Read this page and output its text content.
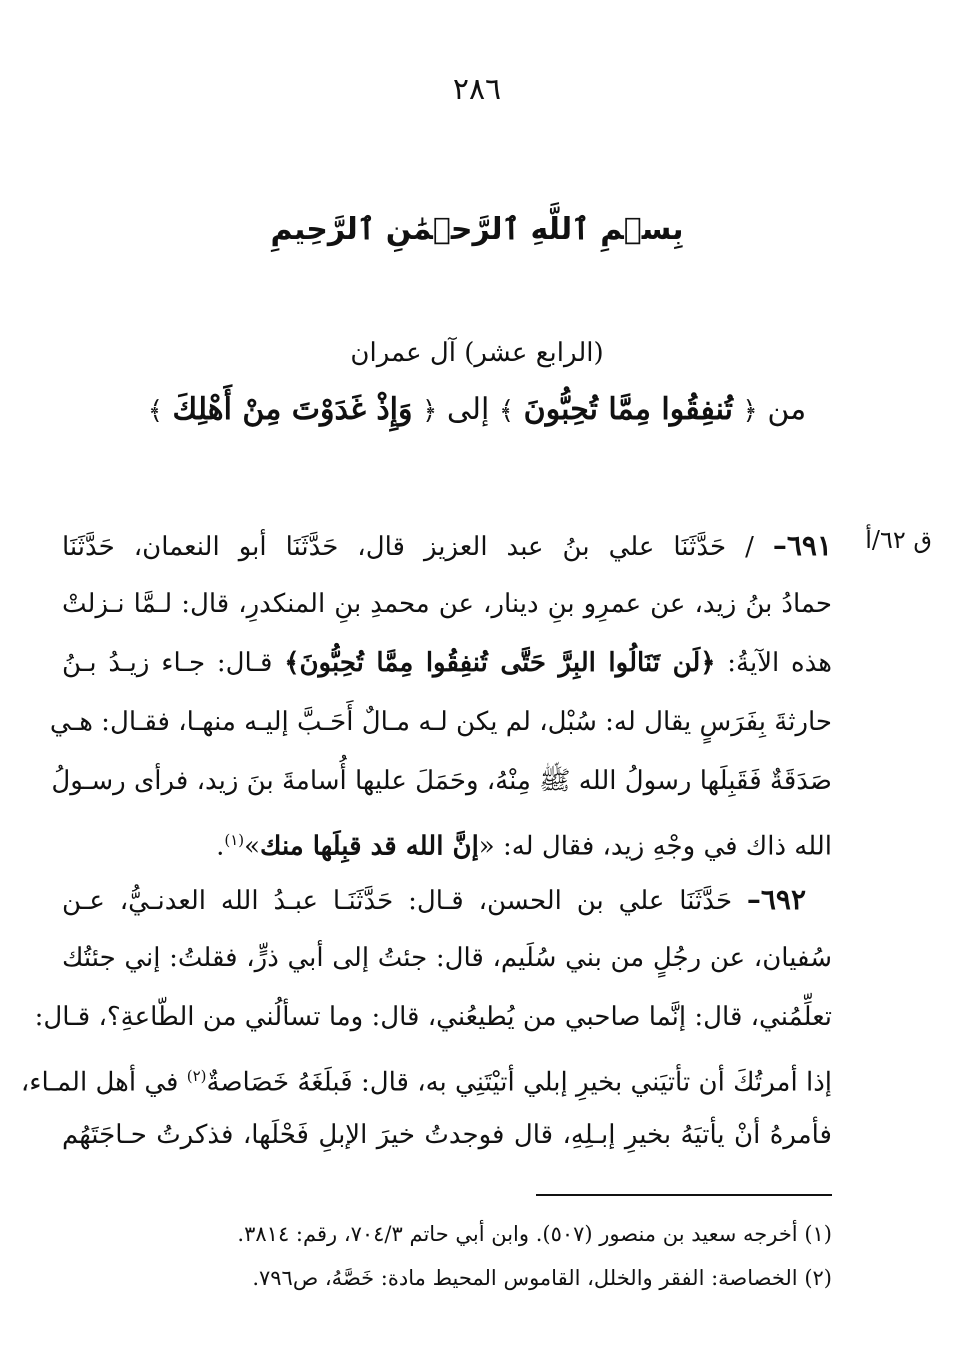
٢٨٦
بِسۡمِ ٱللَّهِ ٱلرَّحۡمَٰنِ ٱلرَّحِيمِ
(الرابع عشر) آل عمران
من ﴿ تُنفِقُوا مِمَّا تُحِبُّونَ ﴾ إلى ﴿ وَإِذْ غَدَوْتَ مِنْ أَهْلِكَ ﴾
ق ٦٢/أ
٦٩١– / حَدَّثَنَا علي بنُ عبد العزيز قال، حَدَّثَنَا أبو النعمان، حَدَّثَنَا
حمادُ بنُ زيد، عن عمرِو بنِ دينار، عن محمدِ بنِ المنكدرِ، قال: لـمَّا نـزلتْ
هذه الآيةُ: ﴿لَن تَنَالُوا البِرَّ حَتَّى تُنفِقُوا مِمَّا تُحِبُّونَ﴾ قـال: جـاء زيـدُ بـنُ
حارثةَ بِفَرَسٍ يقال له: سُبْل، لم يكن لـه مـالٌ أَحَـبَّ إليـه منهـا، فقـال: هـي
صَدَقَةٌ فَقَبِلَها رسولُ الله ﷺ مِنْهُ، وحَمَلَ عليها أُسامةَ بنَ زيد، فرأى رسـولُ
الله ذاك في وجْهِ زيد، فقال له: «إنَّ الله قد قبِلَها منك»$^{(١)}$.
  ٦٩٢– حَدَّثَنَا علي بن الحسن، قـال: حَدَّثَنَـا عبـدُ الله العدنـيُّ، عـن
سُفيان، عن رجُلٍ من بني سُلَيم، قال: جئتُ إلى أبي ذرٍّ، فقلتُ: إني جئتُك
تعلِّمُني، قال: إنَّما صاحبي من يُطيعُني، قال: وما تسألُني من الطّاعةِ؟، قـال:
إذا أمرتُكَ أن تأتيَني بخيرِ إبلي أتيْتَنِي به، قال: فَبلَغَهُ خَصَاصةٌ$^{(٢)}$ في أهل المـاء،
فأمرهُ أنْ يأتيَهُ بخيرِ إبـلِهِ، قال فوجدتُ خيرَ الإبلِ فَحْلَها، فذكرتُ حـاجَتَهُم
(١) أخرجه سعيد بن منصور (٥٠٧). وابن أبي حاتم ٧٠٤/٣، رقم: ٣٨١٤.
(٢) الخصاصة: الفقر والخلل، القاموس المحيط مادة: خَصَّهُ، ص٧٩٦.
